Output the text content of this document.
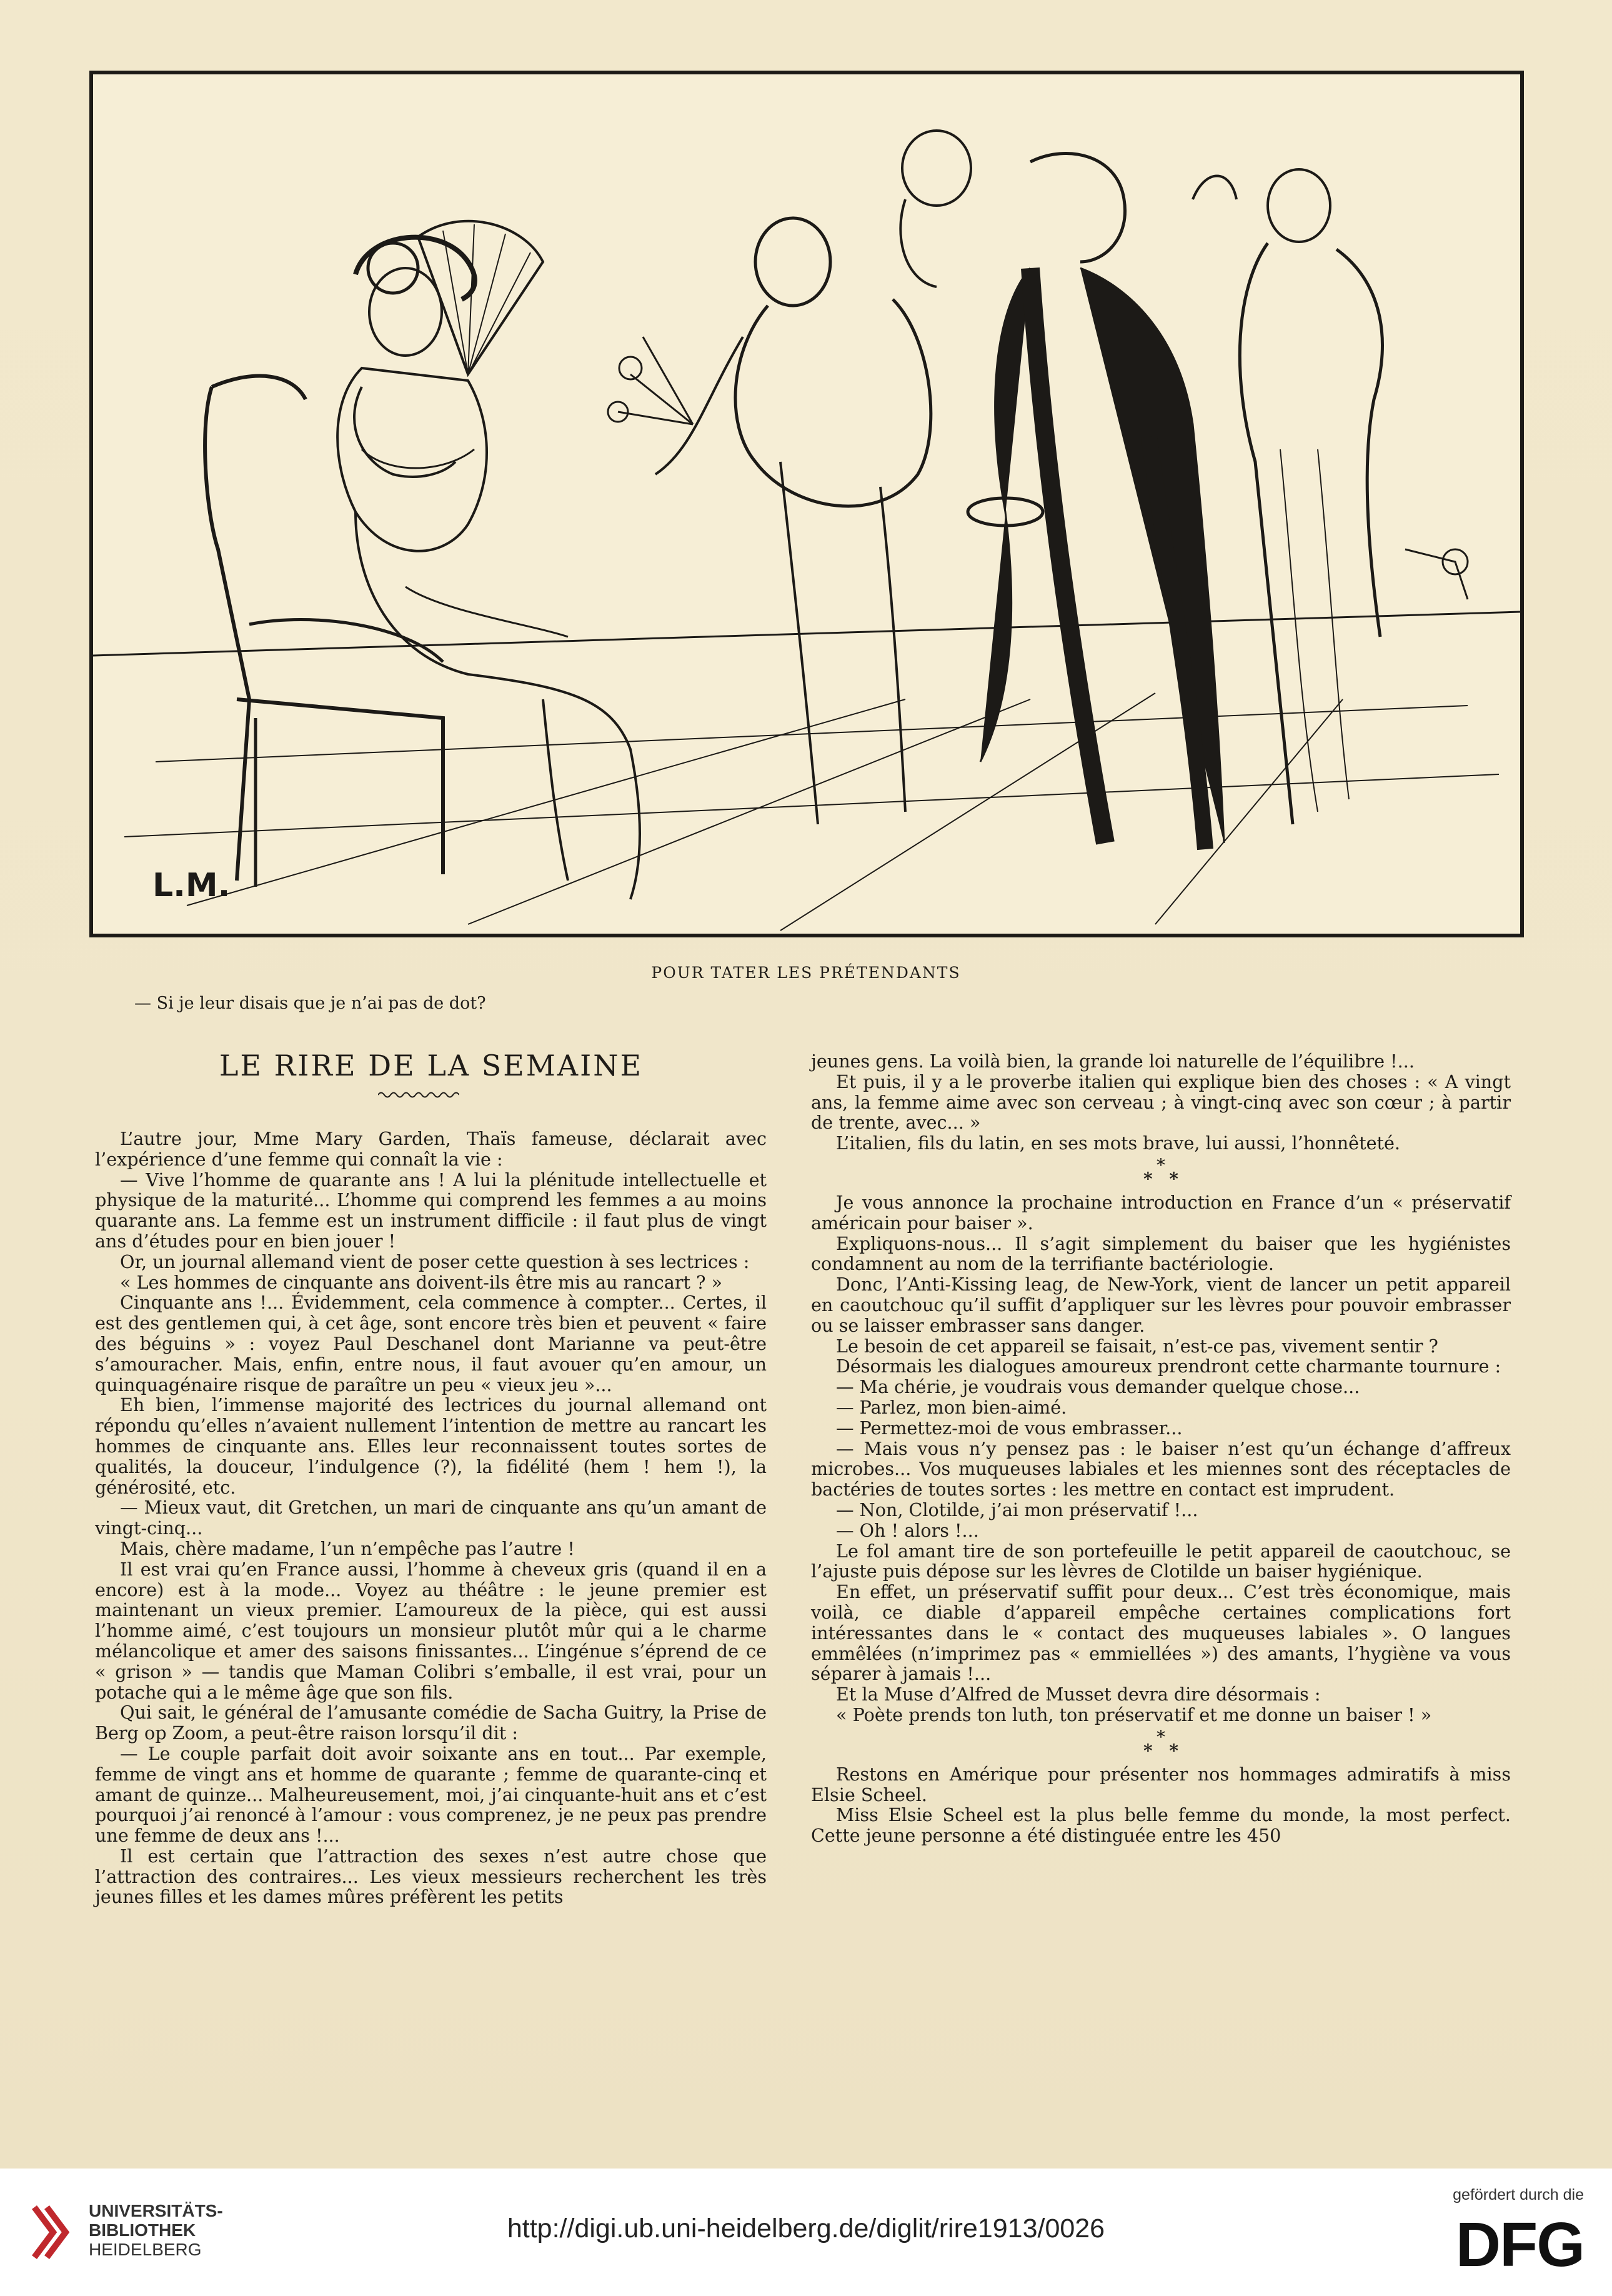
L.M.
POUR TATER LES PRÉTENDANTS
— Si je leur disais que je n’ai pas de dot?
LE RIRE DE LA SEMAINE

L’autre jour, Mme Mary Garden, Thaïs fameuse, déclarait avec l’expérience d’une femme qui connaît la vie :

— Vive l’homme de quarante ans ! A lui la plénitude intellectuelle et physique de la maturité... L’homme qui comprend les femmes a au moins quarante ans. La femme est un instrument difficile : il faut plus de vingt ans d’études pour en bien jouer !

Or, un journal allemand vient de poser cette question à ses lectrices :

« Les hommes de cinquante ans doivent-ils être mis au rancart ? »

Cinquante ans !... Évidemment, cela commence à compter... Certes, il est des gentlemen qui, à cet âge, sont encore très bien et peuvent « faire des béguins » : voyez Paul Deschanel dont Marianne va peut-être s’amouracher. Mais, enfin, entre nous, il faut avouer qu’en amour, un quinquagénaire risque de paraître un peu « vieux jeu »...

Eh bien, l’immense majorité des lectrices du journal allemand ont répondu qu’elles n’avaient nullement l’intention de mettre au rancart les hommes de cinquante ans. Elles leur reconnaissent toutes sortes de qualités, la douceur, l’indulgence (?), la fidélité (hem ! hem !), la générosité, etc.

— Mieux vaut, dit Gretchen, un mari de cinquante ans qu’un amant de vingt-cinq...

Mais, chère madame, l’un n’empêche pas l’autre !

Il est vrai qu’en France aussi, l’homme à cheveux gris (quand il en a encore) est à la mode... Voyez au théâtre : le jeune premier est maintenant un vieux premier. L’amoureux de la pièce, qui est aussi l’homme aimé, c’est toujours un monsieur plutôt mûr qui a le charme mélancolique et amer des saisons finissantes... L’ingénue s’éprend de ce « grison » — tandis que Maman Colibri s’emballe, il est vrai, pour un potache qui a le même âge que son fils.

Qui sait, le général de l’amusante comédie de Sacha Guitry, la Prise de Berg op Zoom, a peut-être raison lorsqu’il dit :

— Le couple parfait doit avoir soixante ans en tout... Par exemple, femme de vingt ans et homme de quarante ; femme de quarante-cinq et amant de quinze... Malheureusement, moi, j’ai cinquante-huit ans et c’est pourquoi j’ai renoncé à l’amour : vous comprenez, je ne peux pas prendre une femme de deux ans !...

Il est certain que l’attraction des sexes n’est autre chose que l’attraction des contraires... Les vieux messieurs recherchent les très jeunes filles et les dames mûres préfèrent les petits

jeunes gens. La voilà bien, la grande loi naturelle de l’équilibre !...

Et puis, il y a le proverbe italien qui explique bien des choses : « A vingt ans, la femme aime avec son cerveau ; à vingt-cinq avec son cœur ; à partir de trente, avec... »

L’italien, fils du latin, en ses mots brave, lui aussi, l’honnêteté.

*
* *

Je vous annonce la prochaine introduction en France d’un « préservatif américain pour baiser ».

Expliquons-nous... Il s’agit simplement du baiser que les hygiénistes condamnent au nom de la terrifiante bactériologie.

Donc, l’Anti-Kissing leag, de New-York, vient de lancer un petit appareil en caoutchouc qu’il suffit d’appliquer sur les lèvres pour pouvoir embrasser ou se laisser embrasser sans danger.

Le besoin de cet appareil se faisait, n’est-ce pas, vivement sentir ?

Désormais les dialogues amoureux prendront cette charmante tournure :

— Ma chérie, je voudrais vous demander quelque chose...

— Parlez, mon bien-aimé.

— Permettez-moi de vous embrasser...

— Mais vous n’y pensez pas : le baiser n’est qu’un échange d’affreux microbes... Vos muqueuses labiales et les miennes sont des réceptacles de bactéries de toutes sortes : les mettre en contact est imprudent.

— Non, Clotilde, j’ai mon préservatif !...

— Oh ! alors !...

Le fol amant tire de son portefeuille le petit appareil de caoutchouc, se l’ajuste puis dépose sur les lèvres de Clotilde un baiser hygiénique.

En effet, un préservatif suffit pour deux... C’est très économique, mais voilà, ce diable d’appareil empêche certaines complications fort intéressantes dans le « contact des muqueuses labiales ». O langues emmêlées (n’imprimez pas « emmiellées ») des amants, l’hygiène va vous séparer à jamais !...

Et la Muse d’Alfred de Musset devra dire désormais :

« Poète prends ton luth, ton préservatif et me donne un baiser ! »

*
* *

Restons en Amérique pour présenter nos hommages admiratifs à miss Elsie Scheel.

Miss Elsie Scheel est la plus belle femme du monde, la most perfect. Cette jeune personne a été distinguée entre les 450

UNIVERSITÄTS-
BIBLIOTHEK
HEIDELBERG
http://digi.ub.uni-heidelberg.de/diglit/rire1913/0026
gefördert durch die
DFG
